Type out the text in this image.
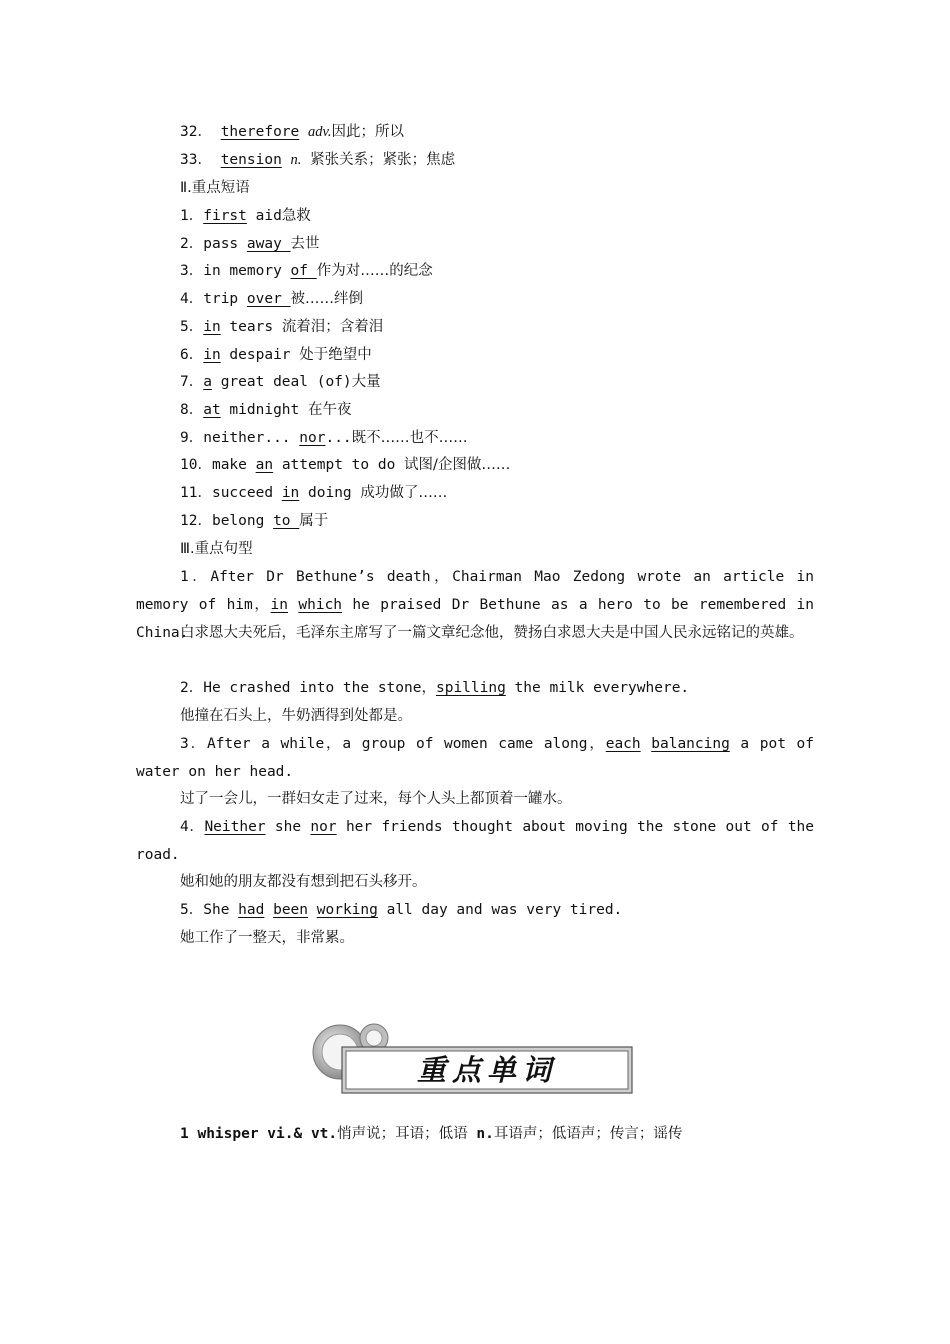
32． therefore adv.因此；所以
33． tension n. 紧张关系；紧张；焦虑
Ⅱ.重点短语
1．first aid急救
2．pass away 去世
3．in memory of 作为对……的纪念
4．trip over 被……绊倒
5．in tears 流着泪；含着泪
6．in despair 处于绝望中
7．a great deal (of)大量
8．at midnight 在午夜
9．neither... nor...既不……也不……
10．make an attempt to do 试图/企图做……
11．succeed in doing 成功做了……
12．belong to 属于
Ⅲ.重点句型
1．After Dr Bethune’s death，Chairman Mao Zedong wrote an article in memory of him，in which he praised Dr Bethune as a hero to be remembered in China.
白求恩大夫死后，毛泽东主席写了一篇文章纪念他，赞扬白求恩大夫是中国人民永远铭记的英雄。
2．He crashed into the stone，spilling the milk everywhere.
他撞在石头上，牛奶洒得到处都是。
3．After a while，a group of women came along，each balancing a pot of water on her head.
过了一会儿，一群妇女走了过来，每个人头上都顶着一罐水。
4．Neither she nor her friends thought about moving the stone out of the road.
她和她的朋友都没有想到把石头移开。
5．She had been working all day and was very tired.
她工作了一整天，非常累。
重点单词
1 whisper vi.& vt.悄声说；耳语；低语 n.耳语声；低语声；传言；谣传
